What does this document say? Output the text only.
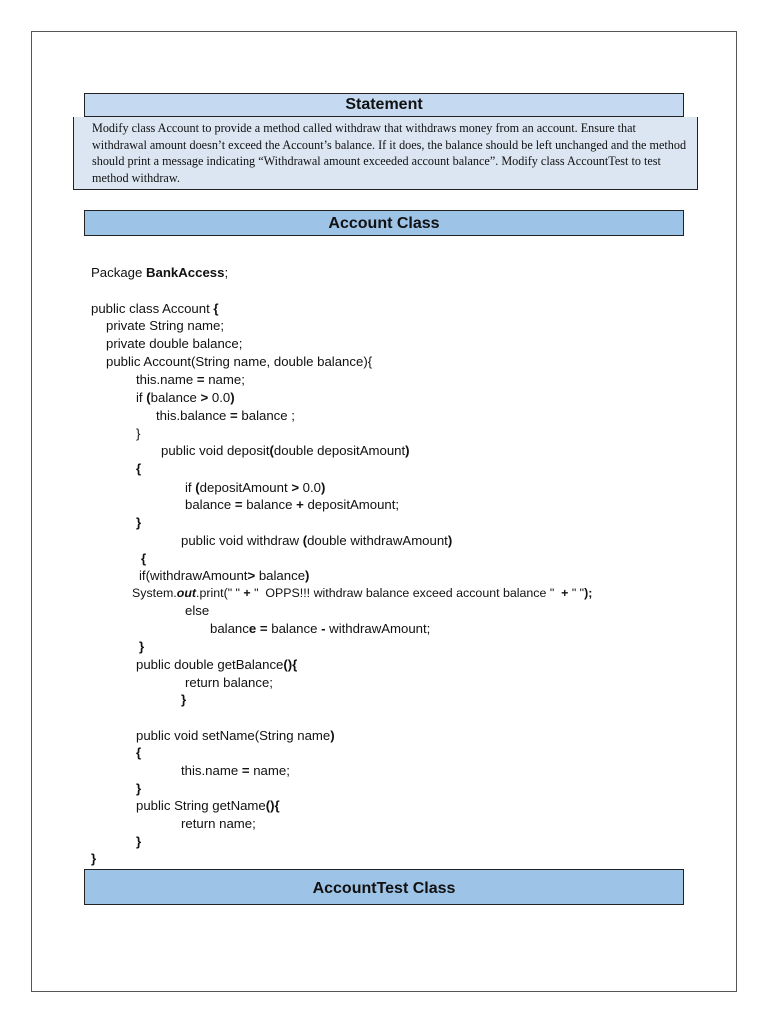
Statement
Modify class Account to provide a method called withdraw that withdraws money from an account. Ensure that withdrawal amount doesn’t exceed the Account’s balance. If it does, the balance should be left unchanged and the method should print a message indicating “Withdrawal amount exceeded account balance”. Modify class AccountTest to test method withdraw.
Account Class
Package BankAccess;
public class Account {
private String name;
private double balance;
public Account(String name, double balance){
this.name = name;
if (balance > 0.0)
this.balance = balance ;
}
public void deposit(double depositAmount)
{
if (depositAmount > 0.0)
balance = balance + depositAmount;
}
public void withdraw (double withdrawAmount)
{
if(withdrawAmount> balance)
System.out.print(" " + "  OPPS!!! withdraw balance exceed account balance "  + " ");
else
balance = balance - withdrawAmount;
}
public double getBalance(){
return balance;
}
public void setName(String name)
{
this.name = name;
}
public String getName(){
return name;
}
}
AccountTest Class
